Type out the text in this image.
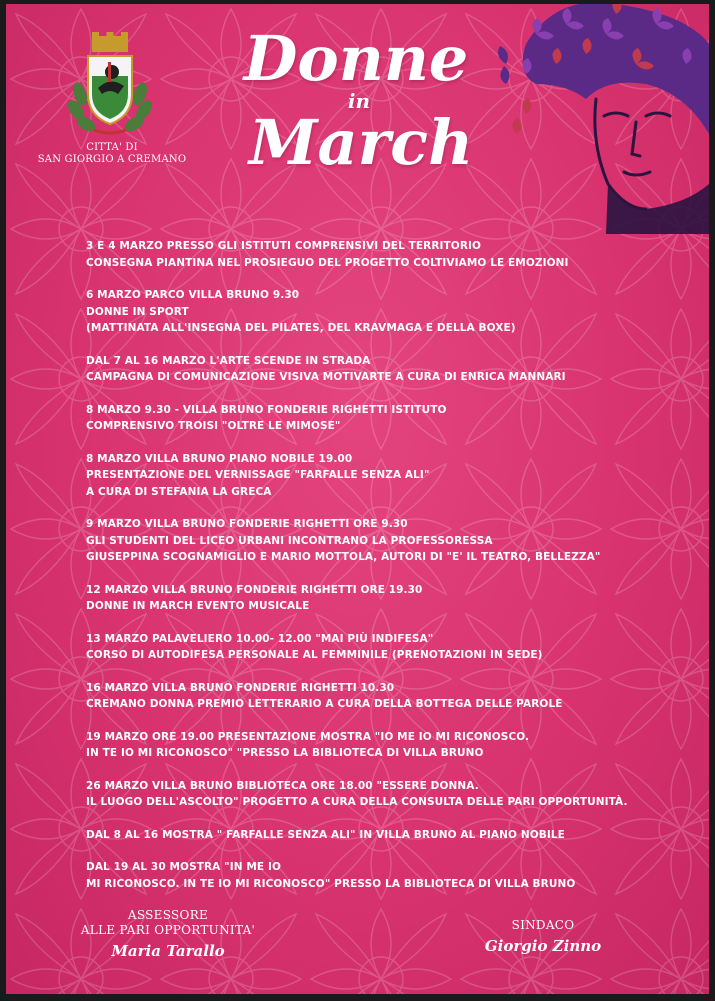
CITTA' DI
SAN GIORGIO A CREMANO
Donne
in
March
3 E 4 MARZO PRESSO GLI ISTITUTI COMPRENSIVI DEL TERRITORIO
CONSEGNA PIANTINA NEL PROSIEGUO DEL PROGETTO COLTIVIAMO LE EMOZIONI
6 MARZO PARCO VILLA BRUNO 9.30
DONNE IN SPORT
(MATTINATA ALL'INSEGNA DEL PILATES, DEL KRAVMAGA E DELLA BOXE)
DAL 7 AL 16 MARZO L'ARTE SCENDE IN STRADA
CAMPAGNA DI COMUNICAZIONE VISIVA MOTIVARTE A CURA DI ENRICA MANNARI
8 MARZO 9.30 - VILLA BRUNO FONDERIE RIGHETTI ISTITUTO
COMPRENSIVO TROISI "OLTRE LE MIMOSE"
8 MARZO VILLA BRUNO PIANO NOBILE 19.00
PRESENTAZIONE DEL VERNISSAGE "FARFALLE SENZA ALI"
A CURA DI STEFANIA LA GRECA
9 MARZO VILLA BRUNO FONDERIE RIGHETTI ORE 9.30
GLI STUDENTI DEL LICEO URBANI INCONTRANO LA PROFESSORESSA
GIUSEPPINA SCOGNAMIGLIO E MARIO MOTTOLA, AUTORI DI "E' IL TEATRO, BELLEZZA"
12 MARZO VILLA BRUNO FONDERIE RIGHETTI ORE 19.30
DONNE IN MARCH EVENTO MUSICALE
13 MARZO PALAVELIERO 10.00- 12.00 "MAI PIÙ INDIFESA"
CORSO DI AUTODIFESA PERSONALE AL FEMMINILE (PRENOTAZIONI IN SEDE)
16 MARZO VILLA BRUNO FONDERIE RIGHETTI 10.30
CREMANO DONNA PREMIO LETTERARIO A CURA DELLA BOTTEGA DELLE PAROLE
19 MARZO ORE 19.00 PRESENTAZIONE MOSTRA "IO ME IO MI RICONOSCO.
IN TE IO MI RICONOSCO" "PRESSO LA BIBLIOTECA DI VILLA BRUNO
26 MARZO VILLA BRUNO BIBLIOTECA ORE 18.00 "ESSERE DONNA.
IL LUOGO DELL'ASCOLTO" PROGETTO A CURA DELLA CONSULTA DELLE PARI OPPORTUNITÀ.
DAL 8 AL 16 MOSTRA " FARFALLE SENZA ALI" IN VILLA BRUNO AL PIANO NOBILE
DAL 19 AL 30 MOSTRA "IN ME IO
MI RICONOSCO. IN TE IO MI RICONOSCO" PRESSO LA BIBLIOTECA DI VILLA BRUNO
ASSESSORE
ALLE PARI OPPORTUNITA'
Maria Tarallo
SINDACO
Giorgio Zinno
